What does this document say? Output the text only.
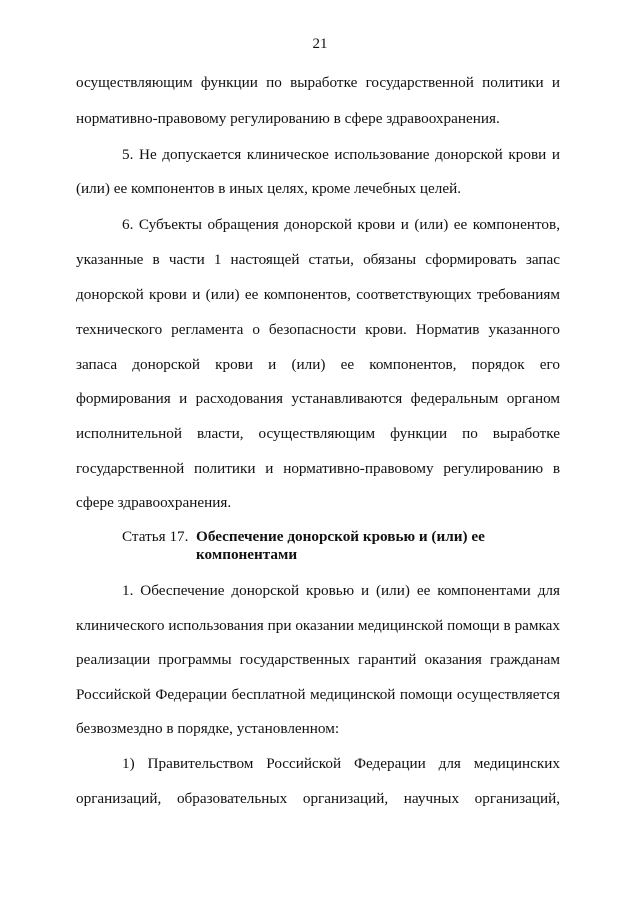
21
осуществляющим функции по выработке государственной политики и
нормативно-правовому регулированию в сфере здравоохранения.
5. Не допускается клиническое использование донорской крови и
(или) ее компонентов в иных целях, кроме лечебных целей.
6. Субъекты обращения донорской крови и (или) ее компонентов,
указанные в части 1 настоящей статьи, обязаны сформировать запас
донорской крови и (или) ее компонентов, соответствующих требованиям
технического регламента о безопасности крови. Норматив указанного
запаса донорской крови и (или) ее компонентов, порядок его
формирования и расходования устанавливаются федеральным органом
исполнительной власти, осуществляющим функции по выработке
государственной политики и нормативно-правовому регулированию в
сфере здравоохранения.
Статья 17. Обеспечение донорской кровью и (или) ее
компонентами
1. Обеспечение донорской кровью и (или) ее компонентами для
клинического использования при оказании медицинской помощи в рамках
реализации программы государственных гарантий оказания гражданам
Российской Федерации бесплатной медицинской помощи осуществляется
безвозмездно в порядке, установленном:
1) Правительством Российской Федерации для медицинских
организаций, образовательных организаций, научных организаций,
